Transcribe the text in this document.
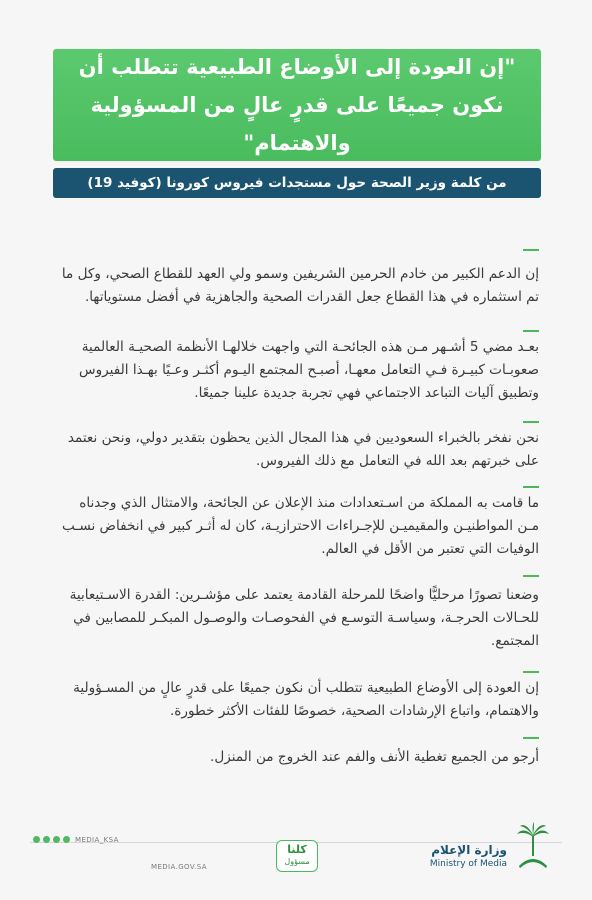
"إن العودة إلى الأوضاع الطبيعية تتطلب أن نكون جميعًا على قدرٍ عالٍ من المسؤولية والاهتمام"
من كلمة وزير الصحة حول مستجدات فيروس كورونا (كوفيد 19)

إن الدعم الكبير من خادم الحرمين الشريفين وسمو ولي العهد للقطاع الصحي، وكل ما تم استثماره في هذا القطاع جعل القدرات الصحية والجاهزية في أفضل مستوياتها.

بعـد مضي 5 أشـهر مـن هذه الجائحـة التي واجهت خلالهـا الأنظمة الصحيـة العالمية صعوبـات كبيـرة فـي التعامل معهـا، أصبـح المجتمع اليـوم أكثـر وعـيًا بهـذا الفيروس وتطبيق آليات التباعد الاجتماعي فهي تجربة جديدة علينا جميعًا.

نحن نفخر بالخبراء السعوديين في هذا المجال الذين يحظون بتقدير دولي، ونحن نعتمد على خبرتهم بعد الله في التعامل مع ذلك الفيروس.

ما قامت به المملكة من اسـتعدادات منذ الإعلان عن الجائحة، والامتثال الذي وجدناه مـن المواطنيـن والمقيميـن للإجـراءات الاحترازيـة، كان له أثـر كبير في انخفاض نسـب الوفيات التي تعتبر من الأقل في العالم.

وضعنا تصورًا مرحليًّا واضحًا للمرحلة القادمة يعتمد على مؤشـرين: القدرة الاسـتيعابية للحـالات الحرجـة، وسياسـة التوسـع في الفحوصـات والوصـول المبكـر للمصابين في المجتمع.

إن العودة إلى الأوضاع الطبيعية تتطلب أن نكون جميعًا على قدرٍ عالٍ من المسـؤولية والاهتمام، واتباع الإرشادات الصحية، خصوصًا للفئات الأكثر خطورة.

أرجو من الجميع تغطية الأنف والفم عند الخروج من المنزل.

MEDIA_KSA
MEDIA.GOV.SA
كلنا
مسؤول
وزارة الإعلام
Ministry of Media
